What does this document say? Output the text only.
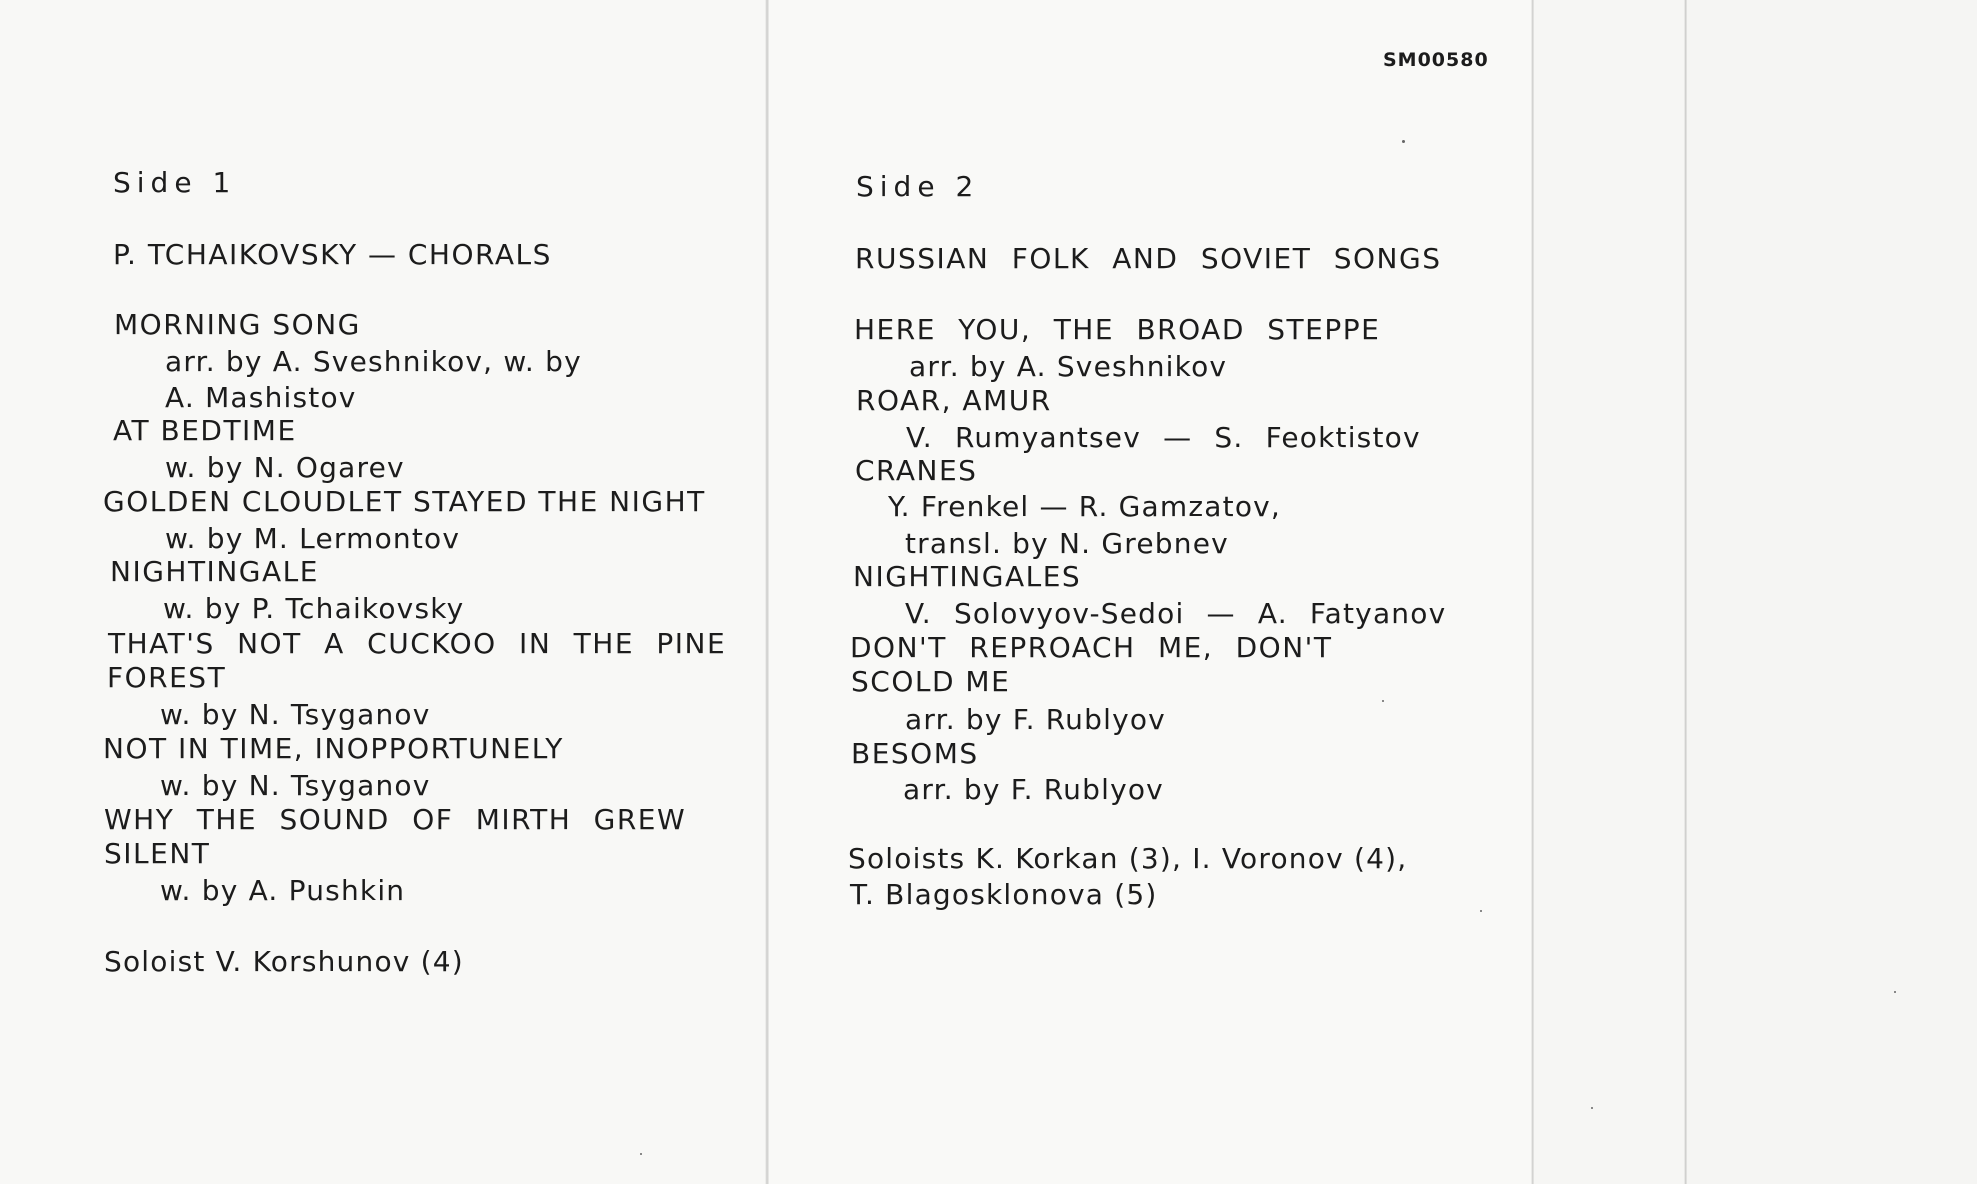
SM00580
Side 1
P. TCHAIKOVSKY — CHORALS
MORNING SONG
arr. by A. Sveshnikov, w. by
A. Mashistov
AT BEDTIME
w. by N. Ogarev
GOLDEN CLOUDLET STAYED THE NIGHT
w. by M. Lermontov
NIGHTINGALE
w. by P. Tchaikovsky
THAT'S NOT A CUCKOO IN THE PINE
FOREST
w. by N. Tsyganov
NOT IN TIME, INOPPORTUNELY
w. by N. Tsyganov
WHY THE SOUND OF MIRTH GREW
SILENT
w. by A. Pushkin
Soloist V. Korshunov (4)
Side 2
RUSSIAN FOLK AND SOVIET SONGS
HERE YOU, THE BROAD STEPPE
arr. by A. Sveshnikov
ROAR, AMUR
V. Rumyantsev — S. Feoktistov
CRANES
Y. Frenkel — R. Gamzatov,
transl. by N. Grebnev
NIGHTINGALES
V. Solovyov-Sedoi — A. Fatyanov
DON'T REPROACH ME, DON'T
SCOLD ME
arr. by F. Rublyov
BESOMS
arr. by F. Rublyov
Soloists K. Korkan (3), I. Voronov (4),
T. Blagosklonova (5)
